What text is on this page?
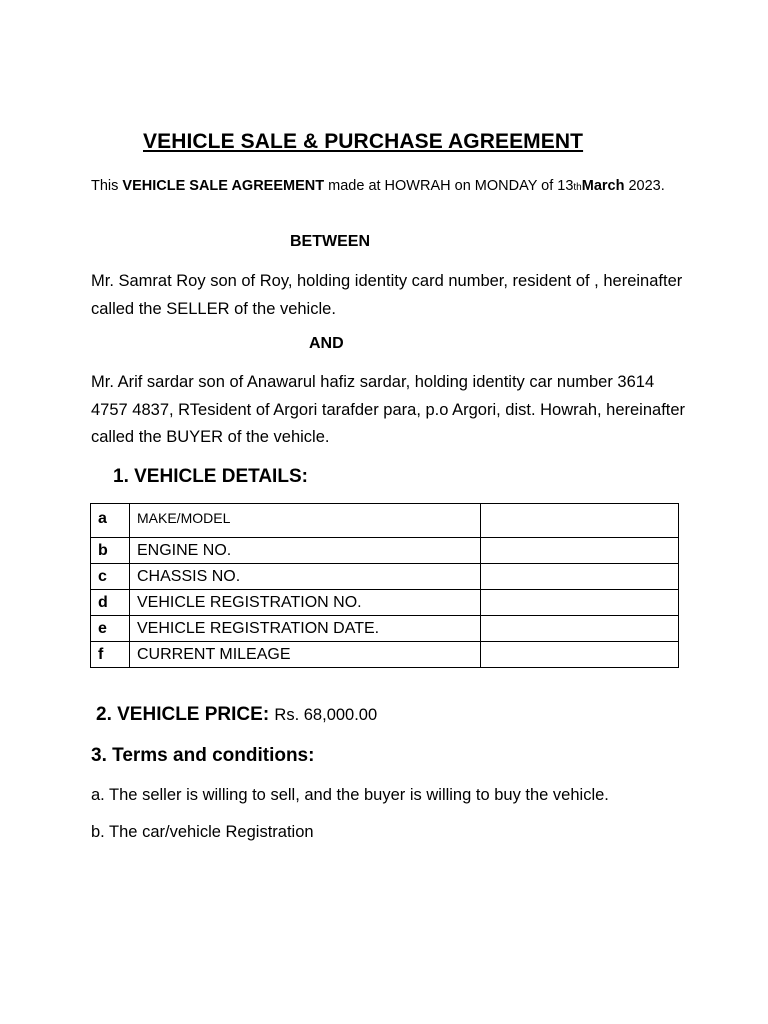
VEHICLE SALE & PURCHASE AGREEMENT
This VEHICLE SALE AGREEMENT made at HOWRAH on MONDAY of 13thMarch 2023.
BETWEEN
Mr. Samrat Roy son of Roy, holding identity card number, resident of , hereinafter called the SELLER of the vehicle.
AND
Mr. Arif sardar son of Anawarul hafiz sardar, holding identity car number 3614 4757 4837, RTesident of Argori tarafder para, p.o Argori, dist. Howrah, hereinafter called the BUYER of the vehicle.
1. VEHICLE DETAILS:
a	MAKE/MODEL	
b	ENGINE NO.	
c	CHASSIS NO.	
d	VEHICLE REGISTRATION NO.	
e	VEHICLE REGISTRATION DATE.	
f	CURRENT MILEAGE	
2. VEHICLE PRICE: Rs. 68,000.00
3. Terms and conditions:
a. The seller is willing to sell, and the buyer is willing to buy the vehicle.
b. The car/vehicle Registration
